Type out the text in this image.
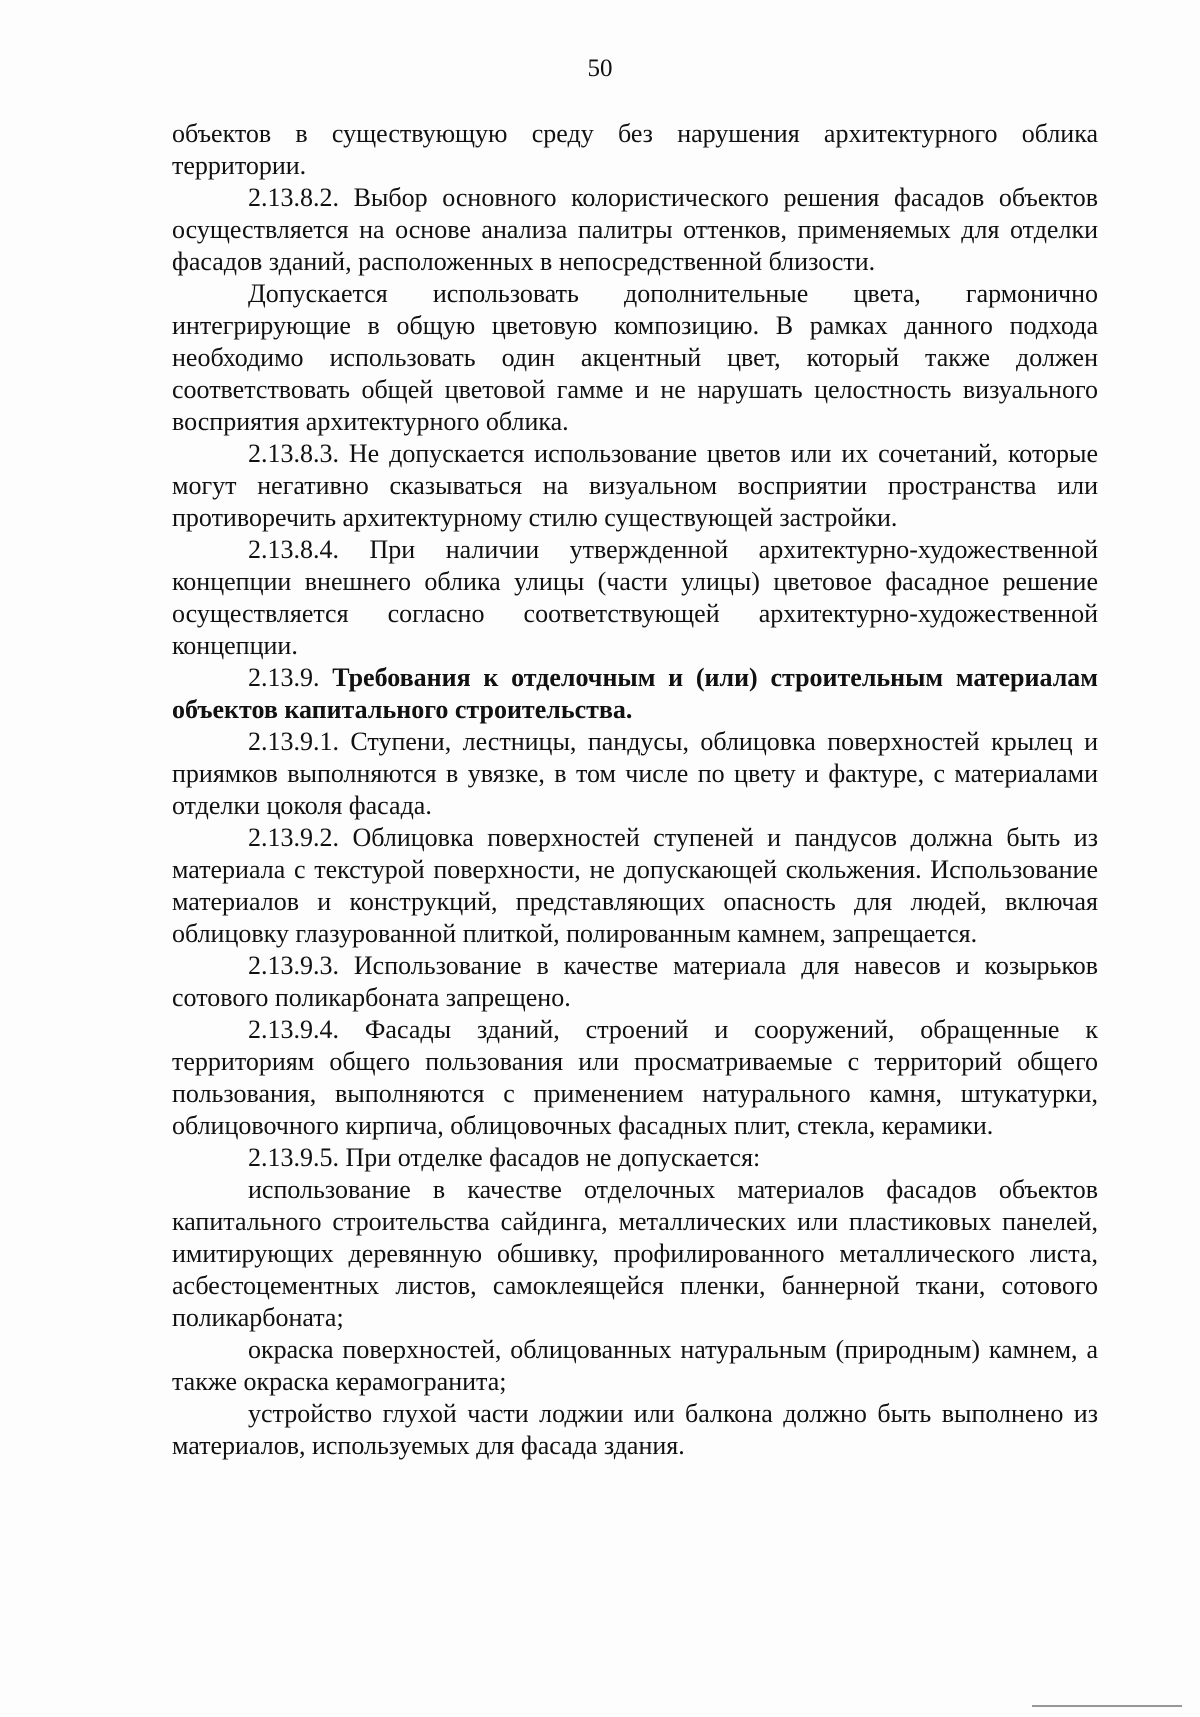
50

объектов в существующую среду без нарушения архитектурного облика территории.

2.13.8.2. Выбор основного колористического решения фасадов объектов осуществляется на основе анализа палитры оттенков, применяемых для отделки фасадов зданий, расположенных в непосредственной близости.

Допускается использовать дополнительные цвета, гармонично интегрирующие в общую цветовую композицию. В рамках данного подхода необходимо использовать один акцентный цвет, который также должен соответствовать общей цветовой гамме и не нарушать целостность визуального восприятия архитектурного облика.

2.13.8.3. Не допускается использование цветов или их сочетаний, которые могут негативно сказываться на визуальном восприятии пространства или противоречить архитектурному стилю существующей застройки.

2.13.8.4. При наличии утвержденной архитектурно-художественной концепции внешнего облика улицы (части улицы) цветовое фасадное решение осуществляется согласно соответствующей архитектурно-художественной концепции.

2.13.9. Требования к отделочным и (или) строительным материалам объектов капитального строительства.

2.13.9.1. Ступени, лестницы, пандусы, облицовка поверхностей крылец и приямков выполняются в увязке, в том числе по цвету и фактуре, с материалами отделки цоколя фасада.

2.13.9.2. Облицовка поверхностей ступеней и пандусов должна быть из материала с текстурой поверхности, не допускающей скольжения. Использование материалов и конструкций, представляющих опасность для людей, включая облицовку глазурованной плиткой, полированным камнем, запрещается.

2.13.9.3. Использование в качестве материала для навесов и козырьков сотового поликарбоната запрещено.

2.13.9.4. Фасады зданий, строений и сооружений, обращенные к территориям общего пользования или просматриваемые с территорий общего пользования, выполняются с применением натурального камня, штукатурки, облицовочного кирпича, облицовочных фасадных плит, стекла, керамики.

2.13.9.5. При отделке фасадов не допускается:

использование в качестве отделочных материалов фасадов объектов капитального строительства сайдинга, металлических или пластиковых панелей, имитирующих деревянную обшивку, профилированного металлического листа, асбестоцементных листов, самоклеящейся пленки, баннерной ткани, сотового поликарбоната;

окраска поверхностей, облицованных натуральным (природным) камнем, а также окраска керамогранита;

устройство глухой части лоджии или балкона должно быть выполнено из материалов, используемых для фасада здания.
